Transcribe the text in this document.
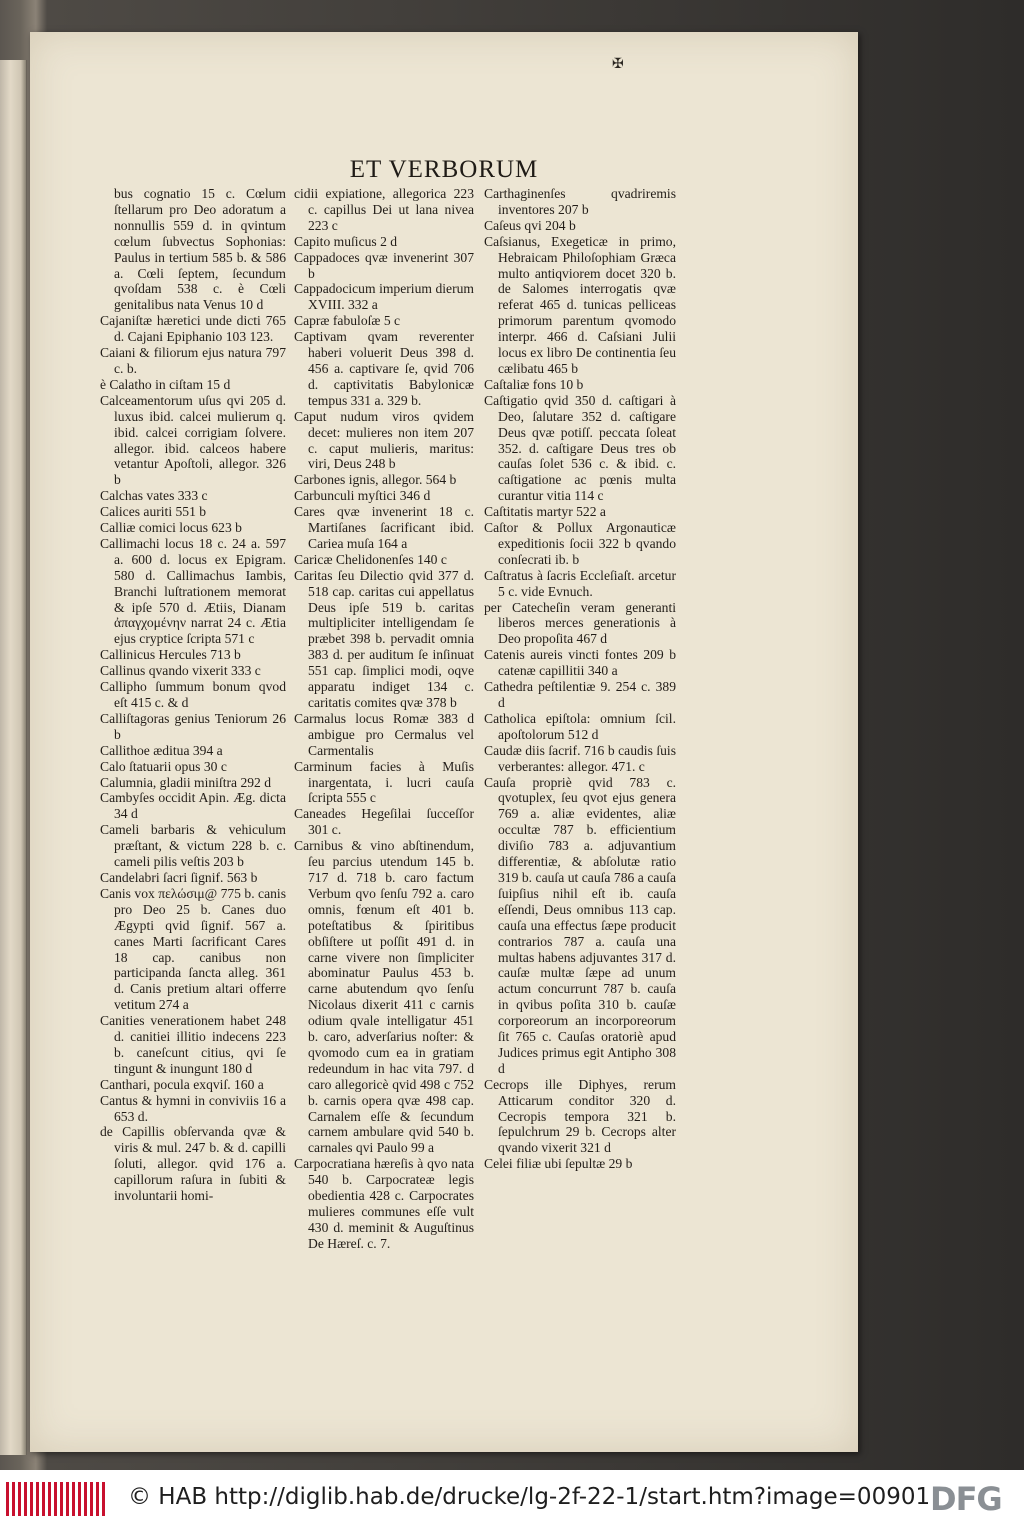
✠
ET VERBORUM

bus cognatio 15 c. Cœlum ſtellarum pro Deo adoratum a nonnullis 559 d. in qvintum cœlum ſubvectus Sophonias: Paulus in tertium 585 b. & 586 a. Cœli ſeptem, ſecundum qvoſdam 538 c. è Cœli genitalibus nata Venus 10 d

Cajaniſtæ hæretici unde dicti 765 d. Cajani Epiphanio 103 123.

Caiani & filiorum ejus natura 797 c. b.

è Calatho in ciſtam 15 d

Calceamentorum uſus qvi 205 d. luxus ibid. calcei mulierum q. ibid. calcei corrigiam ſolvere. allegor. ibid. calceos habere vetantur Apoſtoli, allegor. 326 b

Calchas vates 333 c

Calices auriti 551 b

Calliæ comici locus 623 b

Callimachi locus 18 c. 24 a. 597 a. 600 d. locus ex Epigram. 580 d. Callimachus Iambis, Branchi luſtrationem memorat & ipſe 570 d. Ætiis, Dianam ἀπαγχομένην narrat 24 c. Ætia ejus cryptice ſcripta 571 c

Callinicus Hercules 713 b

Callinus qvando vixerit 333 c

Callipho ſummum bonum qvod eſt 415 c. & d

Calliſtagoras genius Teniorum 26 b

Callithoe æditua 394 a

Calo ſtatuarii opus 30 c

Calumnia, gladii miniſtra 292 d

Cambyſes occidit Apin. Æg. dicta 34 d

Cameli barbaris & vehiculum præſtant, & victum 228 b. c. cameli pilis veſtis 203 b

Candelabri ſacri ſignif. 563 b

Canis vox πελώσιμ@ 775 b. canis pro Deo 25 b. Canes duo Ægypti qvid ſignif. 567 a. canes Marti ſacrificant Cares 18 cap. canibus non participanda ſancta alleg. 361 d. Canis pretium altari offerre vetitum 274 a

Canities venerationem habet 248 d. canitiei illitio indecens 223 b. caneſcunt citius, qvi ſe tingunt & inungunt 180 d

Canthari, pocula exqviſ. 160 a

Cantus & hymni in conviviis 16 a 653 d.

de Capillis obſervanda qvæ & viris & mul. 247 b. & d. capilli ſoluti, allegor. qvid 176 a. capillorum raſura in ſubiti & involuntarii homi-

cidii expiatione, allegorica 223 c. capillus Dei ut lana nivea 223 c

Capito muſicus 2 d

Cappadoces qvæ invenerint 307 b

Cappadocicum imperium dierum XVIII. 332 a

Capræ fabuloſæ 5 c

Captivam qvam reverenter haberi voluerit Deus 398 d. 456 a. captivare ſe, qvid 706 d. captivitatis Babylonicæ tempus 331 a. 329 b.

Caput nudum viros qvidem decet: mulieres non item 207 c. caput mulieris, maritus: viri, Deus 248 b

Carbones ignis, allegor. 564 b

Carbunculi myſtici 346 d

Cares qvæ invenerint 18 c. Martiſanes ſacrificant ibid. Cariea muſa 164 a

Caricæ Chelidonenſes 140 c

Caritas ſeu Dilectio qvid 377 d. 518 cap. caritas cui appellatus Deus ipſe 519 b. caritas multipliciter intelligendam ſe præbet 398 b. pervadit omnia 383 d. per auditum ſe inſinuat 551 cap. ſimplici modi, oqve apparatu indiget 134 c. caritatis comites qvæ 378 b

Carmalus locus Romæ 383 d ambigue pro Cermalus vel Carmentalis

Carminum facies à Muſis inargentata, i. lucri cauſa ſcripta 555 c

Caneades Hegeſilai ſucceſſor 301 c.

Carnibus & vino abſtinendum, ſeu parcius utendum 145 b. 717 d. 718 b. caro factum Verbum qvo ſenſu 792 a. caro omnis, fœnum eſt 401 b. poteſtatibus & ſpiritibus obſiſtere ut poſſit 491 d. in carne vivere non ſimpliciter abominatur Paulus 453 b. carne abutendum qvo ſenſu Nicolaus dixerit 411 c carnis odium qvale intelligatur 451 b. caro, adverſarius noſter: & qvomodo cum ea in gratiam redeundum in hac vita 797. d caro allegoricè qvid 498 c 752 b. carnis opera qvæ 498 cap. Carnalem eſſe & ſecundum carnem ambulare qvid 540 b. carnales qvi Paulo 99 a

Carpocratiana hæreſis à qvo nata 540 b. Carpocrateæ legis obedientia 428 c. Carpocrates mulieres communes eſſe vult 430 d. meminit & Auguſtinus De Hæreſ. c. 7.

Carthaginenſes qvadriremis inventores 207 b

Caſeus qvi 204 b

Caſsianus, Exegeticæ in primo, Hebraicam Philoſophiam Græca multo antiqviorem docet 320 b. de Salomes interrogatis qvæ referat 465 d. tunicas pelliceas primorum parentum qvomodo interpr. 466 d. Caſsiani Julii locus ex libro De continentia ſeu cælibatu 465 b

Caſtaliæ fons 10 b

Caſtigatio qvid 350 d. caſtigari à Deo, ſalutare 352 d. caſtigare Deus qvæ potiſſ. peccata ſoleat 352. d. caſtigare Deus tres ob cauſas ſolet 536 c. & ibid. c. caſtigatione ac pœnis multa curantur vitia 114 c

Caſtitatis martyr 522 a

Caſtor & Pollux Argonauticæ expeditionis ſocii 322 b qvando conſecrati ib. b

Caſtratus à ſacris Eccleſiaſt. arcetur 5 c. vide Evnuch.

per Catecheſin veram generanti liberos merces generationis à Deo propoſita 467 d

Catenis aureis vincti fontes 209 b catenæ capillitii 340 a

Cathedra peſtilentiæ 9. 254 c. 389 d

Catholica epiſtola: omnium ſcil. apoſtolorum 512 d

Caudæ diis ſacrif. 716 b caudis ſuis verberantes: allegor. 471. c

Cauſa propriè qvid 783 c. qvotuplex, ſeu qvot ejus genera 769 a. aliæ evidentes, aliæ occultæ 787 b. efficientium diviſio 783 a. adjuvantium differentiæ, & abſolutæ ratio 319 b. cauſa ut cauſa 786 a cauſa ſuipſius nihil eſt ib. cauſa eſſendi, Deus omnibus 113 cap. cauſa una effectus ſæpe producit contrarios 787 a. cauſa una multas habens adjuvantes 317 d. cauſæ multæ ſæpe ad unum actum concurrunt 787 b. cauſa in qvibus poſita 310 b. cauſæ corporeorum an incorporeorum ſit 765 c. Cauſas oratoriè apud Judices primus egit Antipho 308 d

Cecrops ille Diphyes, rerum Atticarum conditor 320 d. Cecropis tempora 321 b. ſepulchrum 29 b. Cecrops alter qvando vixerit 321 d

Celei filiæ ubi ſepultæ 29 b

© HAB http://diglib.hab.de/drucke/lg-2f-22-1/start.htm?image=00901 DFG
